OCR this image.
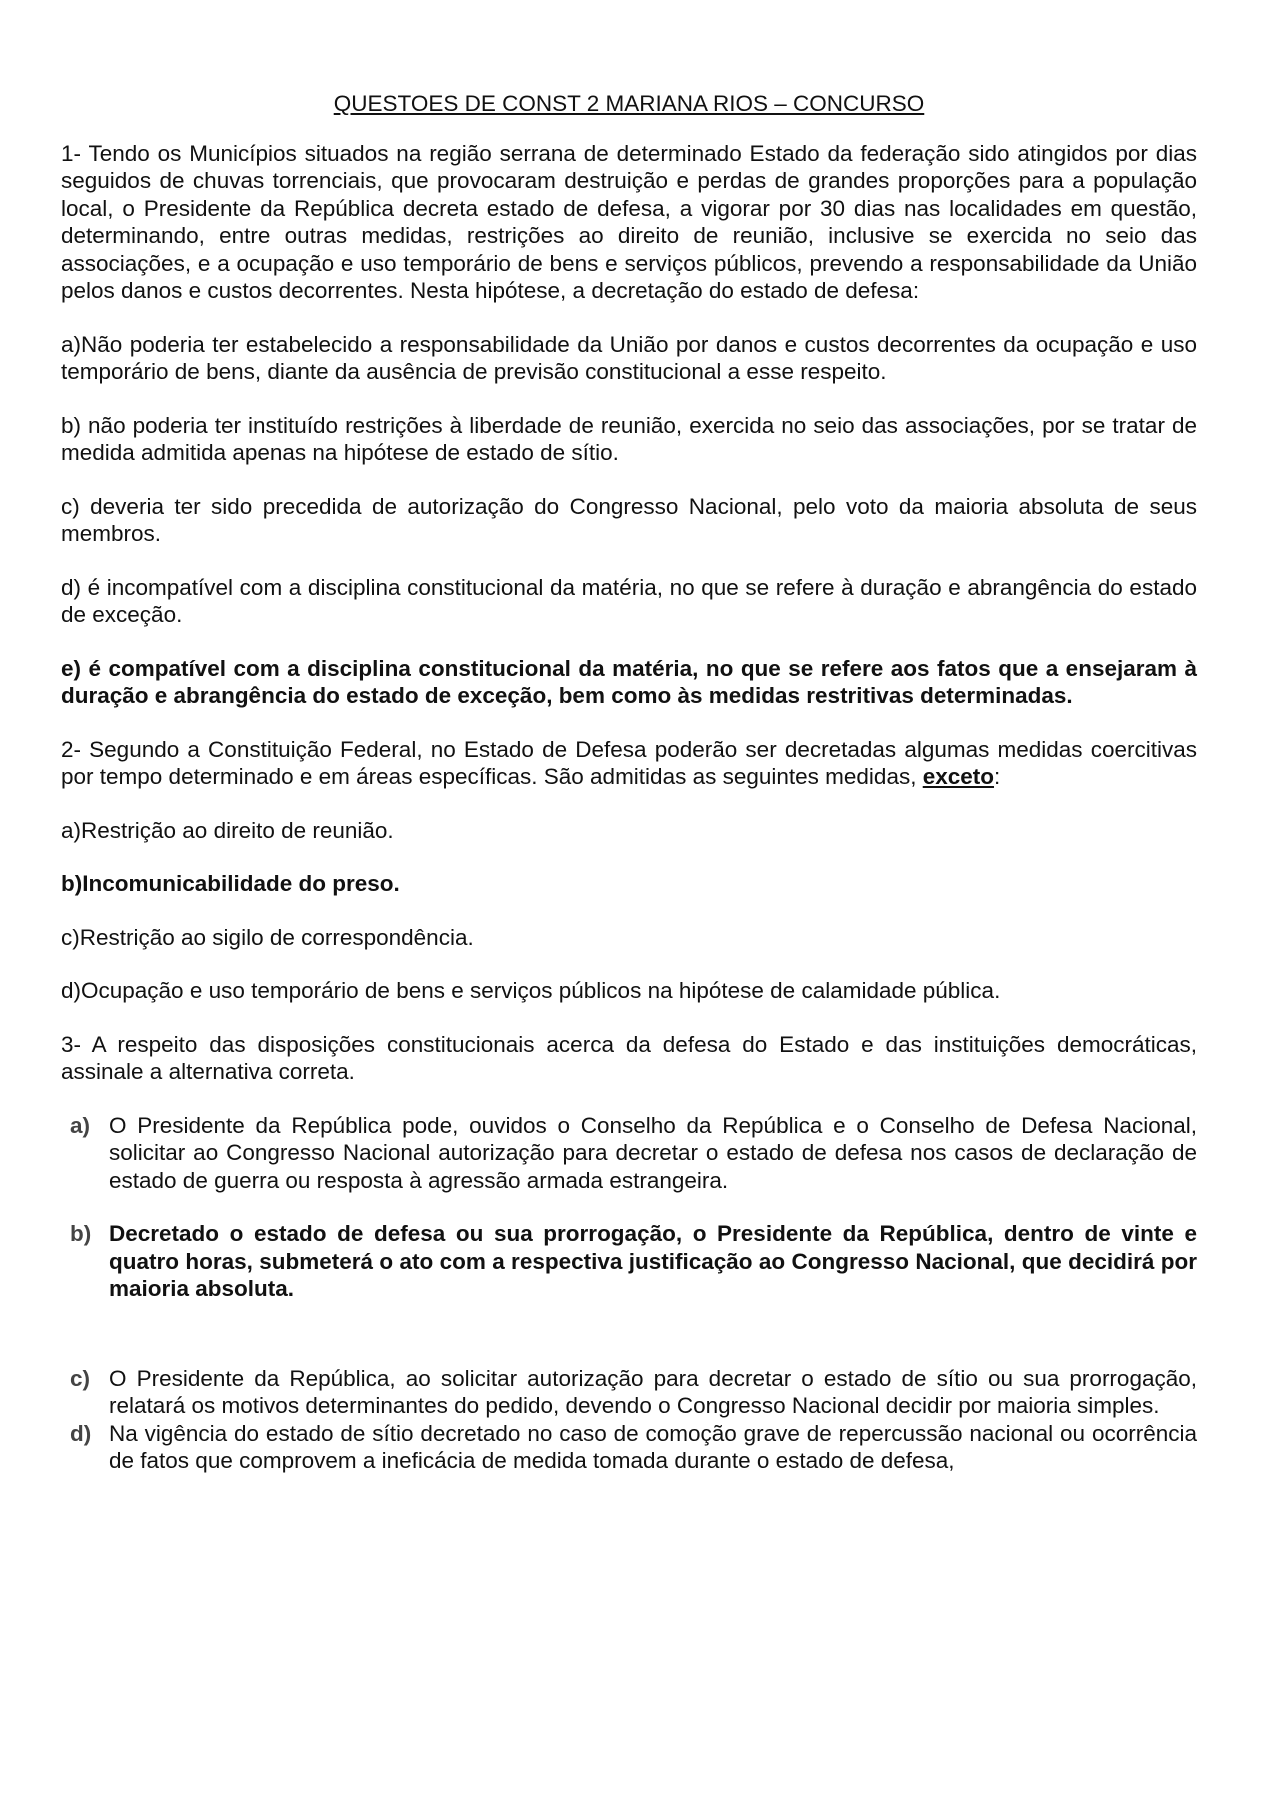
QUESTOES DE CONST 2 MARIANA RIOS – CONCURSO

1- Tendo os Municípios situados na região serrana de determinado Estado da federação sido atingidos por dias seguidos de chuvas torrenciais, que provocaram destruição e perdas de grandes proporções para a população local, o Presidente da República decreta estado de defesa, a vigorar por 30 dias nas localidades em questão, determinando, entre outras medidas, restrições ao direito de reunião, inclusive se exercida no seio das associações, e a ocupação e uso temporário de bens e serviços públicos, prevendo a responsabilidade da União pelos danos e custos decorrentes. Nesta hipótese, a decretação do estado de defesa:

a)Não poderia ter estabelecido a responsabilidade da União por danos e custos decorrentes da ocupação e uso temporário de bens, diante da ausência de previsão constitucional a esse respeito.

b) não poderia ter instituído restrições à liberdade de reunião, exercida no seio das associações, por se tratar de medida admitida apenas na hipótese de estado de sítio.

c) deveria ter sido precedida de autorização do Congresso Nacional, pelo voto da maioria absoluta de seus membros.

d) é incompatível com a disciplina constitucional da matéria, no que se refere à duração e abrangência do estado de exceção.

e) é compatível com a disciplina constitucional da matéria, no que se refere aos fatos que a ensejaram à duração e abrangência do estado de exceção, bem como às medidas restritivas determinadas.

2- Segundo a Constituição Federal, no Estado de Defesa poderão ser decretadas algumas medidas coercitivas por tempo determinado e em áreas específicas. São admitidas as seguintes medidas, exceto:

a)Restrição ao direito de reunião.

b)Incomunicabilidade do preso.

c)Restrição ao sigilo de correspondência.

d)Ocupação e uso temporário de bens e serviços públicos na hipótese de calamidade pública.

3- A respeito das disposições constitucionais acerca da defesa do Estado e das instituições democráticas, assinale a alternativa correta.

a) O Presidente da República pode, ouvidos o Conselho da República e o Conselho de Defesa Nacional, solicitar ao Congresso Nacional autorização para decretar o estado de defesa nos casos de declaração de estado de guerra ou resposta à agressão armada estrangeira.
b) Decretado o estado de defesa ou sua prorrogação, o Presidente da República, dentro de vinte e quatro horas, submeterá o ato com a respectiva justificação ao Congresso Nacional, que decidirá por maioria absoluta.
c) O Presidente da República, ao solicitar autorização para decretar o estado de sítio ou sua prorrogação, relatará os motivos determinantes do pedido, devendo o Congresso Nacional decidir por maioria simples.
d) Na vigência do estado de sítio decretado no caso de comoção grave de repercussão nacional ou ocorrência de fatos que comprovem a ineficácia de medida tomada durante o estado de defesa,
